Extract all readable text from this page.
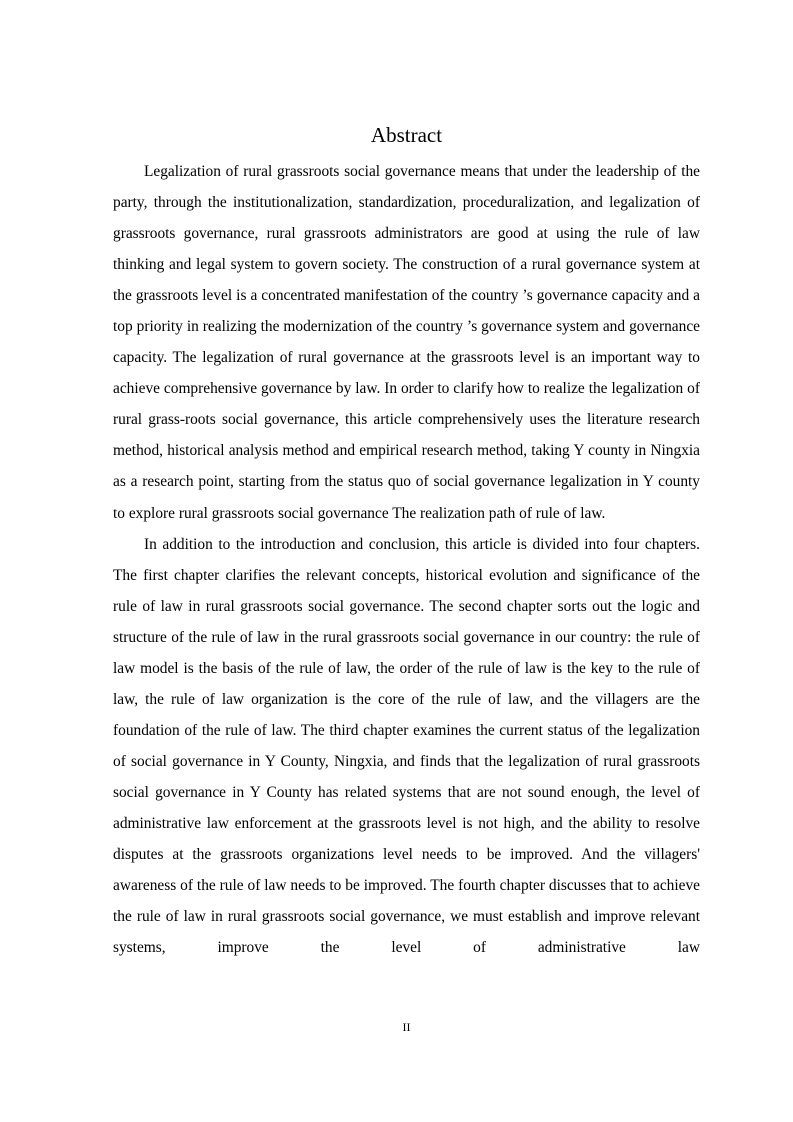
Abstract

Legalization of rural grassroots social governance means that under the leadership of the party, through the institutionalization, standardization, proceduralization, and legalization of grassroots governance, rural grassroots administrators are good at using the rule of law thinking and legal system to govern society. The construction of a rural governance system at the grassroots level is a concentrated manifestation of the country ’s governance capacity and a top priority in realizing the modernization of the country ’s governance system and governance capacity. The legalization of rural governance at the grassroots level is an important way to achieve comprehensive governance by law. In order to clarify how to realize the legalization of rural grass-roots social governance, this article comprehensively uses the literature research method, historical analysis method and empirical research method, taking Y county in Ningxia as a research point, starting from the status quo of social governance legalization in Y county to explore rural grassroots social governance The realization path of rule of law.

In addition to the introduction and conclusion, this article is divided into four chapters. The first chapter clarifies the relevant concepts, historical evolution and significance of the rule of law in rural grassroots social governance. The second chapter sorts out the logic and structure of the rule of law in the rural grassroots social governance in our country: the rule of law model is the basis of the rule of law, the order of the rule of law is the key to the rule of law, the rule of law organization is the core of the rule of law, and the villagers are the foundation of the rule of law. The third chapter examines the current status of the legalization of social governance in Y County, Ningxia, and finds that the legalization of rural grassroots social governance in Y County has related systems that are not sound enough, the level of administrative law enforcement at the grassroots level is not high, and the ability to resolve disputes at the grassroots organizations level needs to be improved. And the villagers' awareness of the rule of law needs to be improved. The fourth chapter discusses that to achieve the rule of law in rural grassroots social governance, we must establish and improve relevant systems, improve the level of administrative law

II
